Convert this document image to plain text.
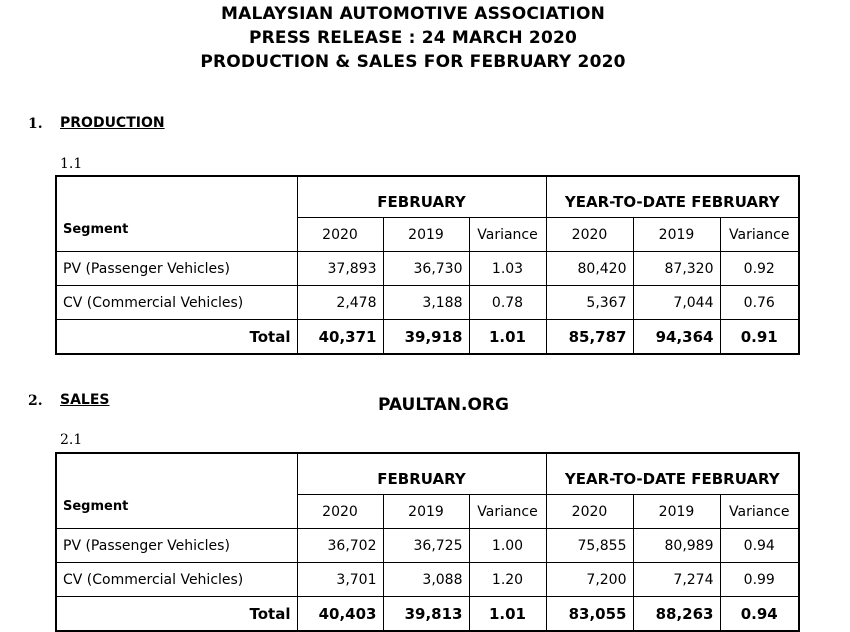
MALAYSIAN AUTOMOTIVE ASSOCIATION
PRESS RELEASE : 24 MARCH 2020
PRODUCTION & SALES FOR FEBRUARY 2020
1. PRODUCTION
1.1
Segment	FEBRUARY			YEAR-TO-DATE FEBRUARY		
	2020	2019	Variance	2020	2019	Variance
PV (Passenger Vehicles)	37,893	36,730	1.03	80,420	87,320	0.92
CV (Commercial Vehicles)	2,478	3,188	0.78	5,367	7,044	0.76
Total	40,371	39,918	1.01	85,787	94,364	0.91
2. SALES	PAULTAN.ORG
2.1
Segment	FEBRUARY			YEAR-TO-DATE FEBRUARY		
	2020	2019	Variance	2020	2019	Variance
PV (Passenger Vehicles)	36,702	36,725	1.00	75,855	80,989	0.94
CV (Commercial Vehicles)	3,701	3,088	1.20	7,200	7,274	0.99
Total	40,403	39,813	1.01	83,055	88,263	0.94
